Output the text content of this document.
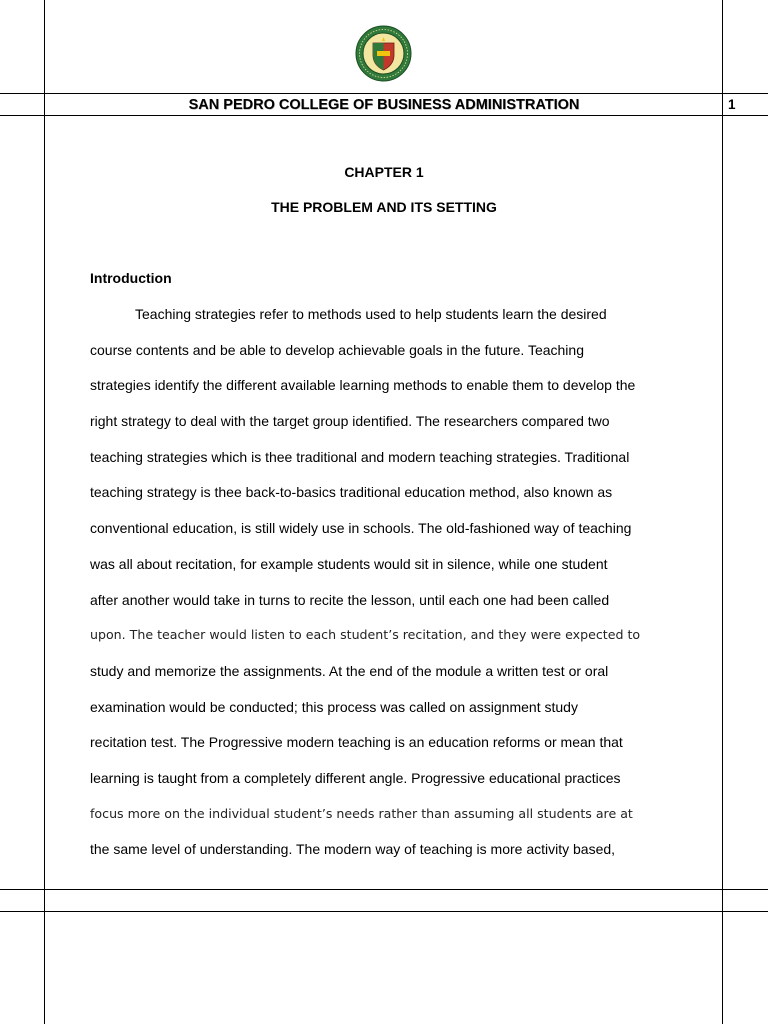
SAN PEDRO COLLEGE OF BUSINESS ADMINISTRATION	1
CHAPTER 1
THE PROBLEM AND ITS SETTING
Introduction
Teaching strategies refer to methods used to help students learn the desired
course contents and be able to develop achievable goals in the future. Teaching
strategies identify the different available learning methods to enable them to develop the
right strategy to deal with the target group identified. The researchers compared two
teaching strategies which is thee traditional and modern teaching strategies. Traditional
teaching strategy is thee back-to-basics traditional education method, also known as
conventional education, is still widely use in schools. The old-fashioned way of teaching
was all about recitation, for example students would sit in silence, while one student
after another would take in turns to recite the lesson, until each one had been called
upon. The teacher would listen to each student’s recitation, and they were expected to
study and memorize the assignments. At the end of the module a written test or oral
examination would be conducted; this process was called on assignment study
recitation test. The Progressive modern teaching is an education reforms or mean that
learning is taught from a completely different angle. Progressive educational practices
focus more on the individual student’s needs rather than assuming all students are at
the same level of understanding. The modern way of teaching is more activity based,
